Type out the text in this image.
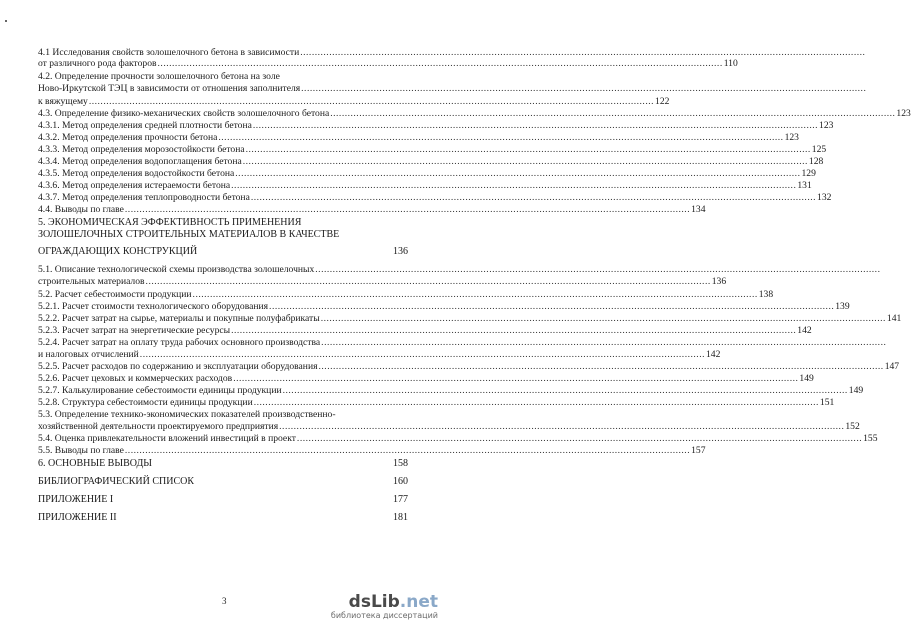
4.1 Исследования свойств золошелочного бетона в зависимости
.....
от различного рода факторов .....	110
4.2. Определение прочности золошелочного бетона на золе
Ново-Иркутской ТЭЦ в зависимости от отношения заполнителя
.....
к вяжущему .....	122
4.3. Определение физико-механических свойств золошелочного бетона .....	123
4.3.1. Метод определения средней плотности бетона .....	123
4.3.2. Метод определения прочности бетона .....	123
4.3.3. Метод определения морозостойкости бетона .....	125
4.3.4. Метод определения водопоглащения бетона .....	128
4.3.5. Метод определения водостойкости бетона .....	129
4.3.6. Метод определения истераемости бетона .....	131
4.3.7. Метод определения теплопроводности бетона .....	132
4.4. Выводы по главе .....	134
5. ЭКОНОМИЧЕСКАЯ ЭФФЕКТИВНОСТЬ ПРИМЕНЕНИЯ
ЗОЛОШЕЛОЧНЫХ СТРОИТЕЛЬНЫХ МАТЕРИАЛОВ В КАЧЕСТВЕ
ОГРАЖДАЮЩИХ КОНСТРУКЦИЙ	136
5.1. Описание технологической схемы производства золошелочных
.....
строительных материалов .....	136
5.2. Расчет себестоимости продукции .....	138
5.2.1. Расчет стоимости технологического оборудования .....	139
5.2.2. Расчет затрат на сырье, материалы и покупные полуфабрикаты .....	141
5.2.3. Расчет затрат на энергетические ресурсы .....	142
5.2.4. Расчет затрат на оплату труда рабочих основного производства
.....
и налоговых отчислений .....	142
5.2.5. Расчет расходов по содержанию и эксплуатации оборудования .....	147
5.2.6. Расчет цеховых и коммерческих расходов .....	149
5.2.7. Калькулирование себестоимости единицы продукции .....	149
5.2.8. Структура себестоимости единицы продукции .....	151
5.3. Определение технико-экономических показателей производственно-
хозяйственной деятельности проектируемого предприятия .....	152
5.4. Оценка привлекательности вложений инвестиций в проект .....	155
5.5. Выводы по главе .....	157
6. ОСНОВНЫЕ ВЫВОДЫ	158
БИБЛИОГРАФИЧЕСКИЙ СПИСОК	160
ПРИЛОЖЕНИЕ I	177
ПРИЛОЖЕНИЕ II	181
3	dsLib.net
библиотека диссертаций
